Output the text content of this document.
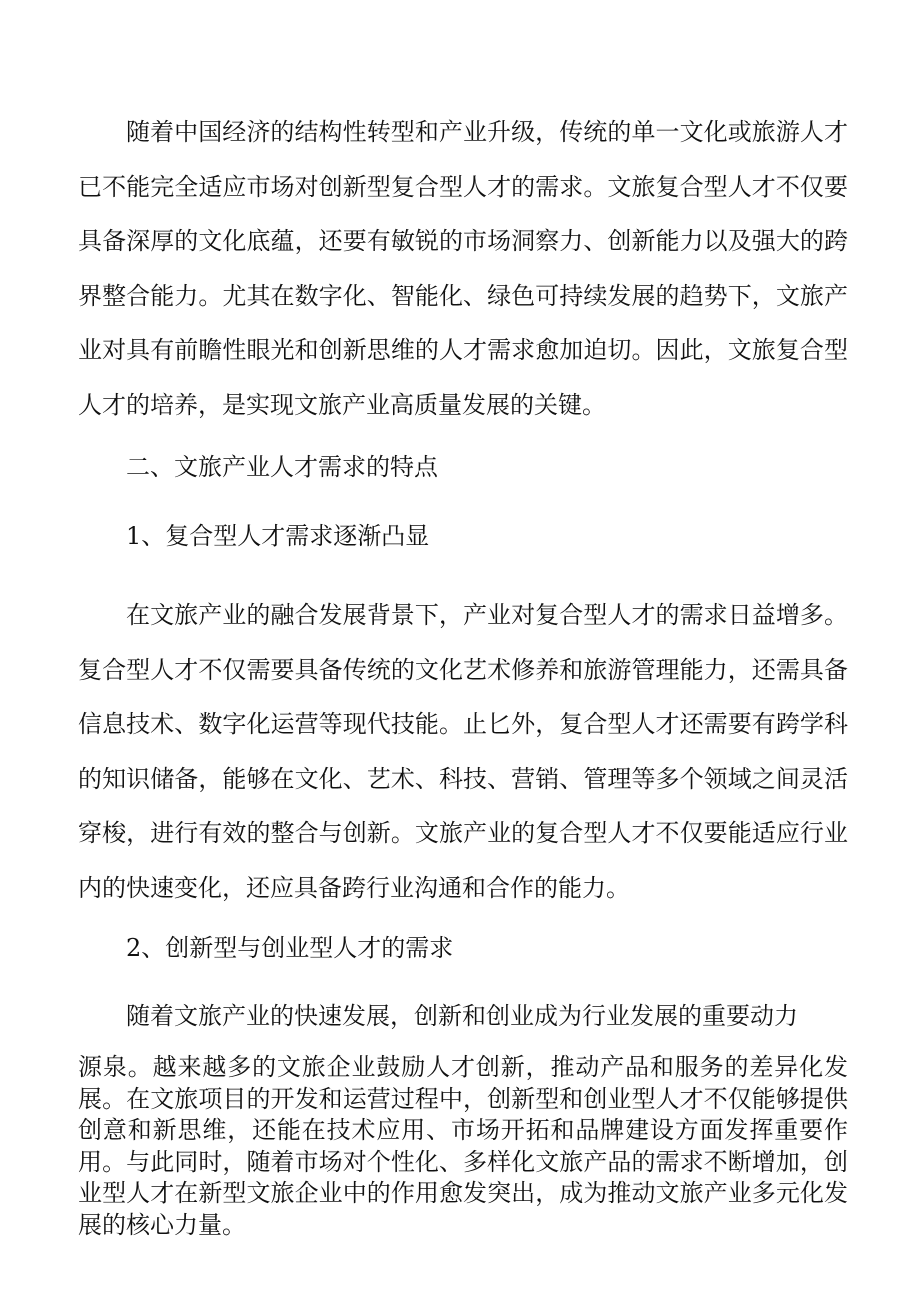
随着中国经济的结构性转型和产业升级，传统的单一文化或旅游人才已不能完全适应市场对创新型复合型人才的需求。文旅复合型人才不仅要具备深厚的文化底蕴，还要有敏锐的市场洞察力、创新能力以及强大的跨界整合能力。尤其在数字化、智能化、绿色可持续发展的趋势下，文旅产业对具有前瞻性眼光和创新思维的人才需求愈加迫切。因此，文旅复合型人才的培养，是实现文旅产业高质量发展的关键。

二、文旅产业人才需求的特点

1、复合型人才需求逐渐凸显

在文旅产业的融合发展背景下，产业对复合型人才的需求日益增多。复合型人才不仅需要具备传统的文化艺术修养和旅游管理能力，还需具备信息技术、数字化运营等现代技能。止匕外，复合型人才还需要有跨学科的知识储备，能够在文化、艺术、科技、营销、管理等多个领域之间灵活穿梭，进行有效的整合与创新。文旅产业的复合型人才不仅要能适应行业内的快速变化，还应具备跨行业沟通和合作的能力。

2、创新型与创业型人才的需求

随着文旅产业的快速发展，创新和创业成为行业发展的重要动力

源泉。越来越多的文旅企业鼓励人才创新，推动产品和服务的差异化发展。在文旅项目的开发和运营过程中，创新型和创业型人才不仅能够提供创意和新思维，还能在技术应用、市场开拓和品牌建设方面发挥重要作用。与此同时，随着市场对个性化、多样化文旅产品的需求不断增加，创业型人才在新型文旅企业中的作用愈发突出，成为推动文旅产业多元化发展的核心力量。
